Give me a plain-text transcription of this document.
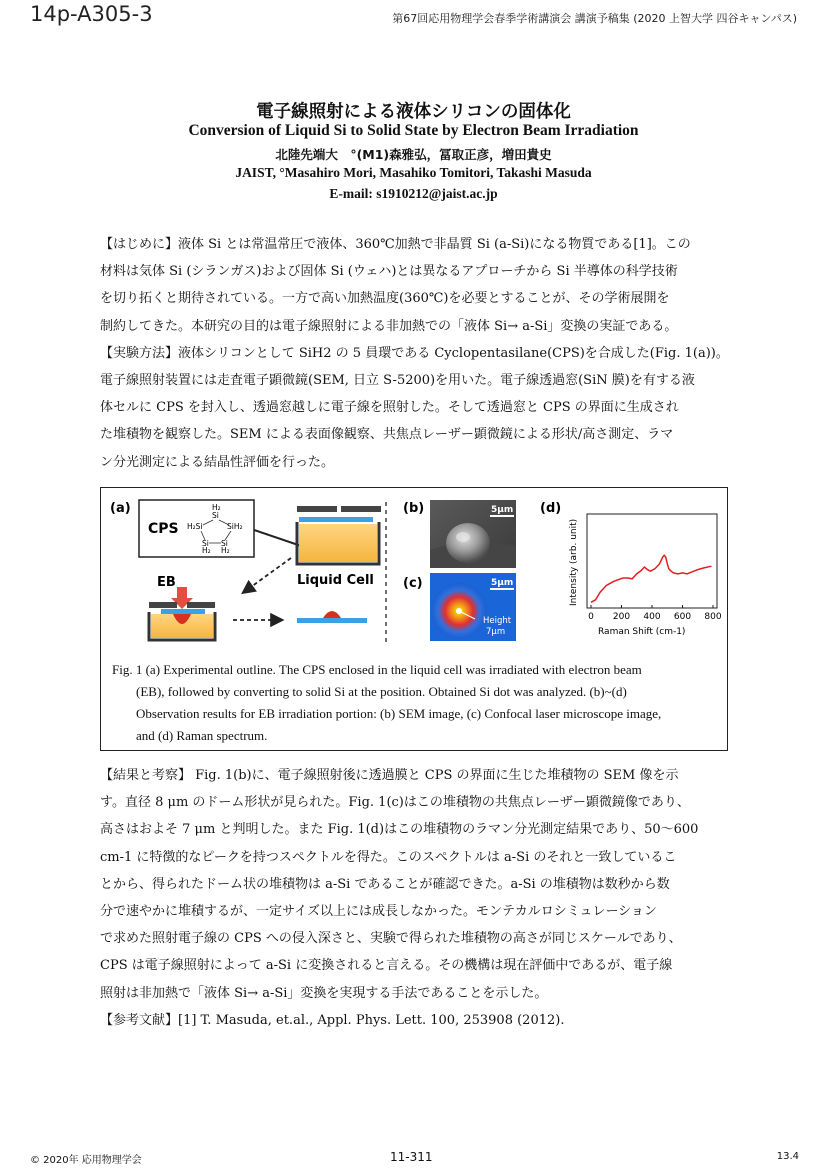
14p-A305-3	第67回応用物理学会春季学術講演会 講演予稿集 (2020 上智大学 四谷キャンパス)
電子線照射による液体シリコンの固体化
Conversion of Liquid Si to Solid State by Electron Beam Irradiation
北陸先端大　°(M1)森雅弘，冨取正彦，増田貴史
JAIST, °Masahiro Mori, Masahiko Tomitori, Takashi Masuda
E-mail: s1910212@jaist.ac.jp

【はじめに】液体 Si とは常温常圧で液体、360℃加熱で非晶質 Si (a-Si)になる物質である[1]。この

材料は気体 Si (シランガス)および固体 Si (ウェハ)とは異なるアプローチから Si 半導体の科学技術

を切り拓くと期待されている。一方で高い加熱温度(360℃)を必要とすることが、その学術展開を

制約してきた。本研究の目的は電子線照射による非加熱での「液体 Si→ a-Si」変換の実証である。

【実験方法】液体シリコンとして SiH2 の 5 員環である Cyclopentasilane(CPS)を合成した(Fig. 1(a))。

電子線照射装置には走査電子顕微鏡(SEM, 日立 S-5200)を用いた。電子線透過窓(SiN 膜)を有する液

体セルに CPS を封入し、透過窓越しに電子線を照射した。そして透過窓と CPS の界面に生成され

た堆積物を観察した。SEM による表面像観察、共焦点レーザー顕微鏡による形状/高さ測定、ラマ

ン分光測定による結晶性評価を行った。

(a)
CPS
H₂
Si
H₂Si	SiH₂
Si Si
H₂ H₂
Liquid Cell
EB
(b)	5μm
(c)	5μm
Height
7μm
(d)
Intensity (arb. unit)
Raman Shift (cm-1)
0 200 400 600 800
Fig. 1 (a) Experimental outline. The CPS enclosed in the liquid cell was irradiated with electron beam
(EB), followed by converting to solid Si at the position. Obtained Si dot was analyzed. (b)~(d)
Observation results for EB irradiation portion: (b) SEM image, (c) Confocal laser microscope image,
and (d) Raman spectrum.

【結果と考察】 Fig. 1(b)に、電子線照射後に透過膜と CPS の界面に生じた堆積物の SEM 像を示

す。直径 8 μm のドーム形状が見られた。Fig. 1(c)はこの堆積物の共焦点レーザー顕微鏡像であり、

高さはおよそ 7 μm と判明した。また Fig. 1(d)はこの堆積物のラマン分光測定結果であり、50〜600

cm-1 に特徴的なピークを持つスペクトルを得た。このスペクトルは a-Si のそれと一致しているこ

とから、得られたドーム状の堆積物は a-Si であることが確認できた。a-Si の堆積物は数秒から数

分で速やかに堆積するが、一定サイズ以上には成長しなかった。モンテカルロシミュレーション

で求めた照射電子線の CPS への侵入深さと、実験で得られた堆積物の高さが同じスケールであり、

CPS は電子線照射によって a-Si に変換されると言える。その機構は現在評価中であるが、電子線

照射は非加熱で「液体 Si→ a-Si」変換を実現する手法であることを示した。

【参考文献】[1] T. Masuda, et.al., Appl. Phys. Lett. 100, 253908 (2012).

© 2020年 応用物理学会	11-311	13.4
